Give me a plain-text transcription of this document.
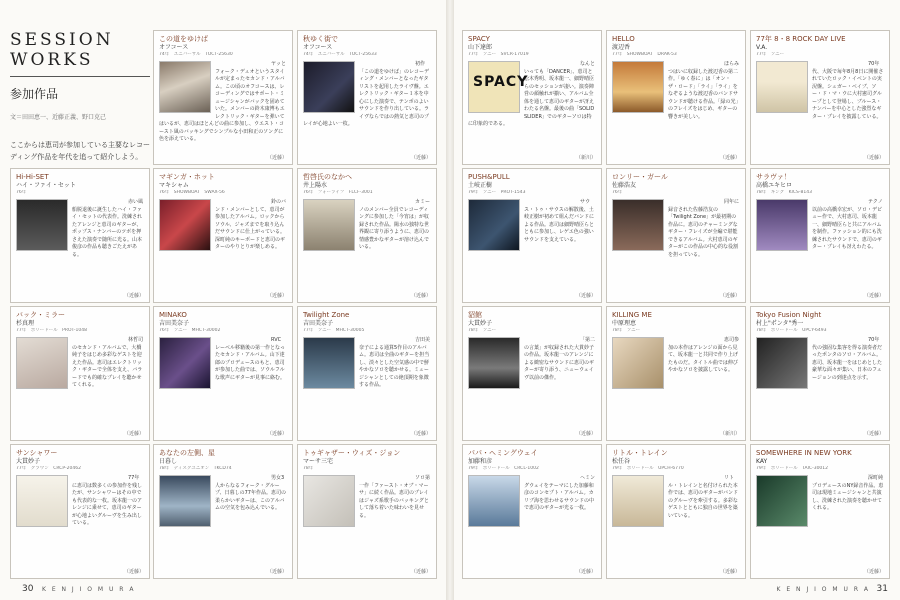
SESSION
WORKS
参加作品
文＝田田恵一、近藤正義、野口克己
ここからは恵司が参加している主要なレコーディング作品を年代を追って紹介しよう。
この道をゆけば
オフコース
74年　ユニバーサル　TOCT-25630

ヤッとフォーク・デュオというスタイルが定まったセカンド・アルバム。この頃のオフコースは、レコーディングではサポート・ミュージシャンがバックを固めていた。メンバーの鈴木康博もエレクトリック・ギターを弾いてはいるが、恵司はほとんどの曲に参加し、ウエスト・コースト風のバッキングでシンプルな小田和正のソングに色を添えている。

（近藤）
秋ゆく街で
オフコース
74年　ユニバーサル　TOCT-25633

初作「この道をゆけば」のレコーディング・メンバーとなったギタリストを起用したライヴ盤。エレクトリック・ギター１本を中心にした演奏で、テンポのよいサウンドを作り出している。ライヴならではの熱気と恵司のプレイが心地よい一枚。

（近藤）
Hi-Hi-SET
ハイ・ファイ・セット
76年

赤い風船脱退後に誕生したハイ・ファイ・セットの代表作。洗練されたアレンジと恵司のギターが、ポップス・ナンバーのツボを押さえた演奏で随所に光る。山本俊彦の作品も聴きごたえがある。

（近藤）
マギンガ・ホット
マキシャム
76年　SHOWBOAT　SWAX-56

鈴のバンド・メンバーとして、恵司が参加したアルバム。ロックからソウル、ジャズまでを取り込んだサウンドに仕上がっている。深町純のキーボードと恵司のギターのやりとりが楽しめる。

（近藤）
哲啓氏のなかへ
井上陽水
76年　フォーライフ　FLCF-3001

カミーノのメンバー全員でレコーディングに参加した「今宵は」が収録された作品。陽水の独特な世界観に寄り添うように、恵司の情感豊かなギターが溶け込んでいる。

（近藤）
バック・ミラー
杉真理
77年　ポリードール　PROT-1048

林哲司のセカンド・アルバムで、大橋純子をはじめ多彩なゲストを迎えた作品。恵司はエレクトリック・ギターで全体を支え、バラードでも的確なプレイを聴かせてくれる。

（近藤）
MINAKO
吉田美奈子
76年　ソニー　MHCT-30002

RVC レーベル移籍後の第一作となったセカンド・アルバム。山下達郎のプロデュースのもと、恵司が参加した曲では、ソウルフルな歌声にギターが見事に絡む。

（近藤）
Twilight Zone
吉田美奈子
77年　ソニー　MHCT-30005

吉田美奈子による通算5作目のアルバム。恵司は全曲のギターを担当し、淡々とした空気感の中で鮮やかなソロを聴かせる。ミュージシャンとしての絶頂期を象徴する作品。

（近藤）
サンシャワー
大貫妙子
77年　クラウン　CRCP-20462

77年に恵司は数多くの参加作を残したが、サンシャワーはその中でも代表的な一枚。坂本龍一のアレンジに乗せて、恵司のギターが心地よいグルーヴを生み出している。

（近藤）
あなたの左側、星
日暮し
78年　ディスクユニオン　TKCD74

男女3人からなるフォーク・グループ、日暮しの77年作品。恵司の柔らかいギターは、このアルバムの空気を包み込んでいる。

（近藤）
トゥギャザー・ウィズ・ジョン
マーサ三宅
78年

ソロ第一作「ファースト・オブ・マーサ」に続く作品。恵司のプレイはジャズ系歌手のバッキングとして落ち着いた味わいを見せる。

（近藤）
30 K E N J I O M U R A
SPACY
山下達郎
77年　ソニー　SVCR-17019
SPACY

なんといっても「DANCER」、恵司と松木秀明、坂本龍一、細野晴臣らのセッションが凄い。演奏陣営の顔触れが揃い、アルバム全体を通して恵司のギターが冴えわたる名盤。最後の曲「SOLID SLIDER」でのギターソロは特に印象的である。

（新川）
HELLO
渡辺香
77年　SHOWBOAT　DRAK-53

ほらみつはいに収録した渡辺香の第二作。「ゆく春に」は「オン・ザ・ロード」「ライ」「ライ」をなぞるような渡辺香のバンドサウンドが聴ける作品。「緑の光」のフレイズをはじめ、ギターの響きが美しい。

（近藤）
77年 8・8 ROCK DAY LIVE
V.A.
77年　ソニー

70年代、大阪で毎年8月8日に開催されていたロック・イベントの実況盤。シュガー・ベイブ、ソー・ド・マ・ウに大村憲司グループとして登場し、ブルース・ナンバーを中心とした強烈なギター・プレイを披露している。

（近藤）
PUSH&PULL
土岐正樹
79年　ソニー　PROT-1543

サウス・トゥ・サウスの解散後、土岐正樹が初めて組んだバンドによる作品。恵司は細野晴臣らとともに参加し、レゲエ色の強いサウンドを支えている。

（近藤）
ロンリー・ガール
佐藤浩友
76年

同年に録音された佐藤浩友の「Twilight Zone」が最初期の作品に。恵司のチャーミングなギター・フレイズが全編で堪能できるアルバム。大村恵司のギターがこの作品の中心的な役割を担っている。

（近藤）
サラヴァ！
高橋ユキヒロ
78年　キング　KICS-8143

テクノ以前の高橋幸宏が、ソロ・デビュー作で、大村恵司、坂本龍一、細野晴臣らと共にアルバムを制作。ファッション的にも洗練されたサウンドで、恵司のギター・プレイも冴えわたる。

（近藤）
貂館
大貫妙子
78年　ソニー

「第二の言葉」が収録された大貫妙子の作品。坂本龍一のアレンジによる緻密なサウンドに恵司のギターが寄り添う、ニューウェイヴ以前の傑作。

（近藤）
KILLING ME
中原理恵
78年　ソニー

恵司参加の本作はアレンジの面から見て、坂本龍一と共同で作り上げたものだ。タイトル曲では伸びやかなソロを披露している。

（新川）
Tokyo Fusion Night
村上"ポンタ"秀一
78年　ポリードール　UPCY-6493

70年代の強固な集客を得る演奏者だったポンタのソロ・アルバム。恵司、坂本龍一をはじめとした豪華な面々が集い、日本のフュージョンの到達点を示す。

（近藤）
パパ・ヘミングウェイ
加藤和彦
79年　ポリードール　CRCL-1002

ヘミングウェイをテーマにした加藤和彦のコンセプト・アルバム。カリブ海を思わせるサウンドの中で恵司のギターが光る一枚。

（近藤）
リトル・トレイン
松任谷
79年　ポリードール　UPCH-6770

リトル・トレインと名付けられた本作では、恵司のギターがバンドのグルーヴを牽引する。多彩なゲストとともに独自の世界を築いている。

（近藤）
SOMEWHERE IN NEW YORK
KAY
79年　ポリードール　TAIC-30012

深町純プロデュースのNY録音作品。恵司は現地ミュージシャンと共演し、洗練された演奏を聴かせてくれる。

（近藤）
K E N J I O M U R A 31
